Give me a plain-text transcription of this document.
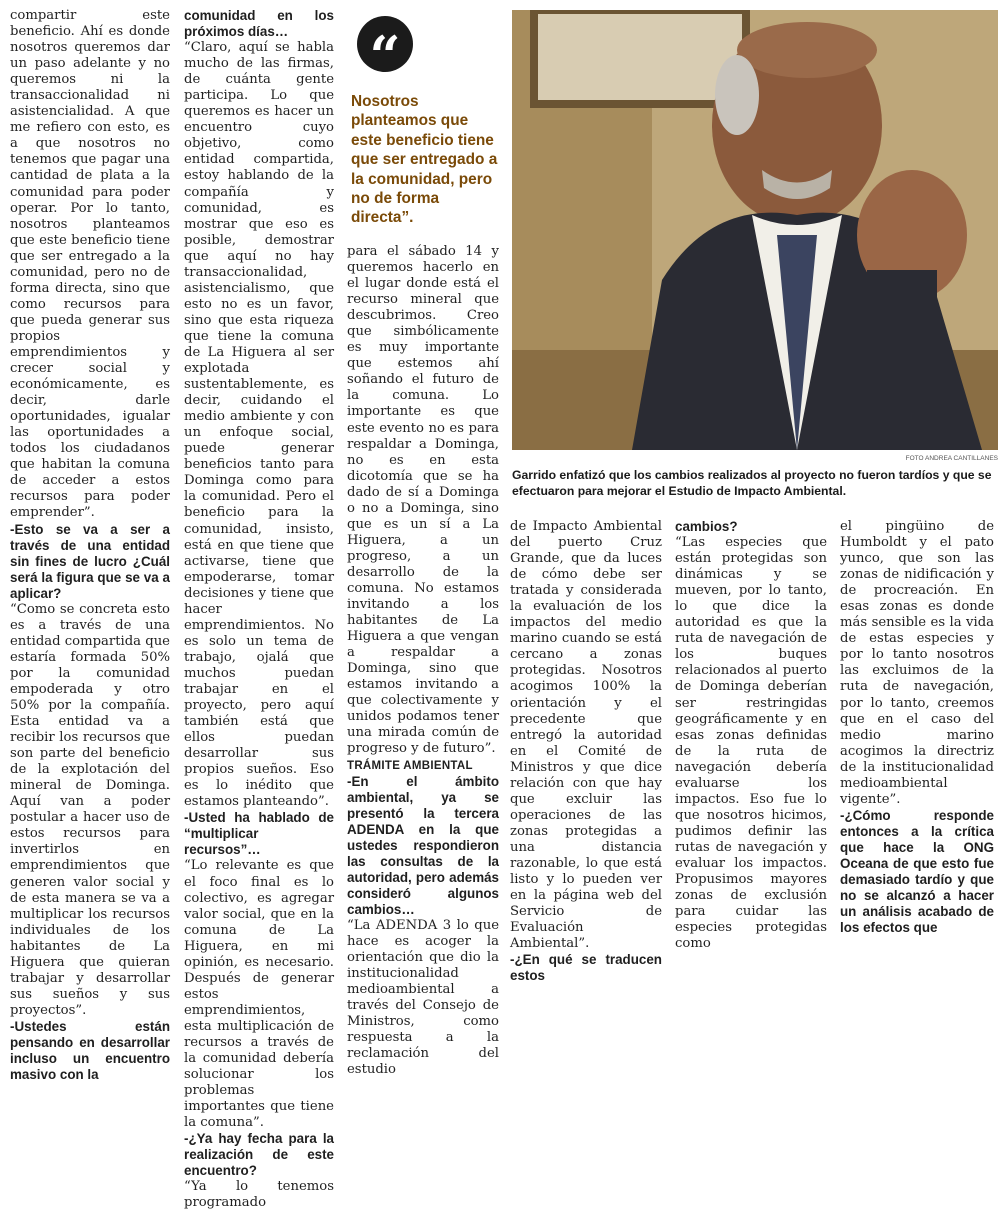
compartir este beneficio. Ahí es donde nosotros queremos dar un paso adelante y no queremos ni la transaccionalidad ni asistencialidad. A que me refiero con esto, es a que nosotros no tenemos que pagar una cantidad de plata a la comunidad para poder operar. Por lo tanto, nosotros planteamos que este beneficio tiene que ser entregado a la comunidad, pero no de forma directa, sino que como recursos para que pueda generar sus propios emprendimientos y crecer social y económicamente, es decir, darle oportunidades, igualar las oportunidades a todos los ciudadanos que habitan la comuna de acceder a estos recursos para poder emprender”.

-Esto se va a ser a través de una entidad sin fines de lucro ¿Cuál será la figura que se va a aplicar?

“Como se concreta esto es a través de una entidad compartida que estaría formada 50% por la comunidad empoderada y otro 50% por la compañía. Esta entidad va a recibir los recursos que son parte del beneficio de la explotación del mineral de Dominga. Aquí van a poder postular a hacer uso de estos recursos para invertirlos en emprendimientos que generen valor social y de esta manera se va a multiplicar los recursos individuales de los habitantes de La Higuera que quieran trabajar y desarrollar sus sueños y sus proyectos”.

-Ustedes están pensando en desarrollar incluso un encuentro masivo con la

comunidad en los próximos días…

“Claro, aquí se habla mucho de las firmas, de cuánta gente participa. Lo que queremos es hacer un encuentro cuyo objetivo, como entidad compartida, estoy hablando de la compañía y comunidad, es mostrar que eso es posible, demostrar que aquí no hay transaccionalidad, asistencialismo, que esto no es un favor, sino que esta riqueza que tiene la comuna de La Higuera al ser explotada sustentablemente, es decir, cuidando el medio ambiente y con un enfoque social, puede generar beneficios tanto para Dominga como para la comunidad. Pero el beneficio para la comunidad, insisto, está en que tiene que activarse, tiene que empoderarse, tomar decisiones y tiene que hacer emprendimientos. No es solo un tema de trabajo, ojalá que muchos puedan trabajar en el proyecto, pero aquí también está que ellos puedan desarrollar sus propios sueños. Eso es lo inédito que estamos planteando”.

-Usted ha hablado de “multiplicar recursos”…

“Lo relevante es que el foco final es lo colectivo, es agregar valor social, que en la comuna de La Higuera, en mi opinión, es necesario. Después de generar estos emprendimientos, esta multiplicación de recursos a través de la comunidad debería solucionar los problemas importantes que tiene la comuna”.

-¿Ya hay fecha para la realización de este encuentro?

“Ya lo tenemos programado

“
Nosotros planteamos que este beneficio tiene que ser entregado a la comunidad, pero no de forma directa”.

para el sábado 14 y queremos hacerlo en el lugar donde está el recurso mineral que descubrimos. Creo que simbólicamente es muy importante que estemos ahí soñando el futuro de la comuna. Lo importante es que este evento no es para respaldar a Dominga, no es en esta dicotomía que se ha dado de sí a Dominga o no a Dominga, sino que es un sí a La Higuera, a un progreso, a un desarrollo de la comuna. No estamos invitando a los habitantes de La Higuera a que vengan a respaldar a Dominga, sino que estamos invitando a que colectivamente y unidos podamos tener una mirada común de progreso y de futuro”.

TRÁMITE AMBIENTAL

-En el ámbito ambiental, ya se presentó la tercera ADENDA en la que ustedes respondieron las consultas de la autoridad, pero además consideró algunos cambios…

“La ADENDA 3 lo que hace es acoger la orientación que dio la institucionalidad medioambiental a través del Consejo de Ministros, como respuesta a la reclamación del estudio

FOTO ANDREA CANTILLANES
Garrido enfatizó que los cambios realizados al proyecto no fueron tardíos y que se efectuaron para mejorar el Estudio de Impacto Ambiental.

de Impacto Ambiental del puerto Cruz Grande, que da luces de cómo debe ser tratada y considerada la evaluación de los impactos del medio marino cuando se está cercano a zonas protegidas. Nosotros acogimos 100% la orientación y el precedente que entregó la autoridad en el Comité de Ministros y que dice relación con que hay que excluir las operaciones de las zonas protegidas a una distancia razonable, lo que está listo y lo pueden ver en la página web del Servicio de Evaluación Ambiental”.

-¿En qué se traducen estos

cambios?

“Las especies que están protegidas son dinámicas y se mueven, por lo tanto, lo que dice la autoridad es que la ruta de navegación de los buques relacionados al puerto de Dominga deberían ser restringidas geográficamente y en esas zonas definidas de la ruta de navegación debería evaluarse los impactos. Eso fue lo que nosotros hicimos, pudimos definir las rutas de navegación y evaluar los impactos. Propusimos mayores zonas de exclusión para cuidar las especies protegidas como

el pingüino de Humboldt y el pato yunco, que son las zonas de nidificación y de procreación. En esas zonas es donde más sensible es la vida de estas especies y por lo tanto nosotros las excluimos de la ruta de navegación, por lo tanto, creemos que en el caso del medio marino acogimos la directriz de la institucionalidad medioambiental vigente”.

-¿Cómo responde entonces a la crítica que hace la ONG Oceana de que esto fue demasiado tardío y que no se alcanzó a hacer un análisis acabado de los efectos que
